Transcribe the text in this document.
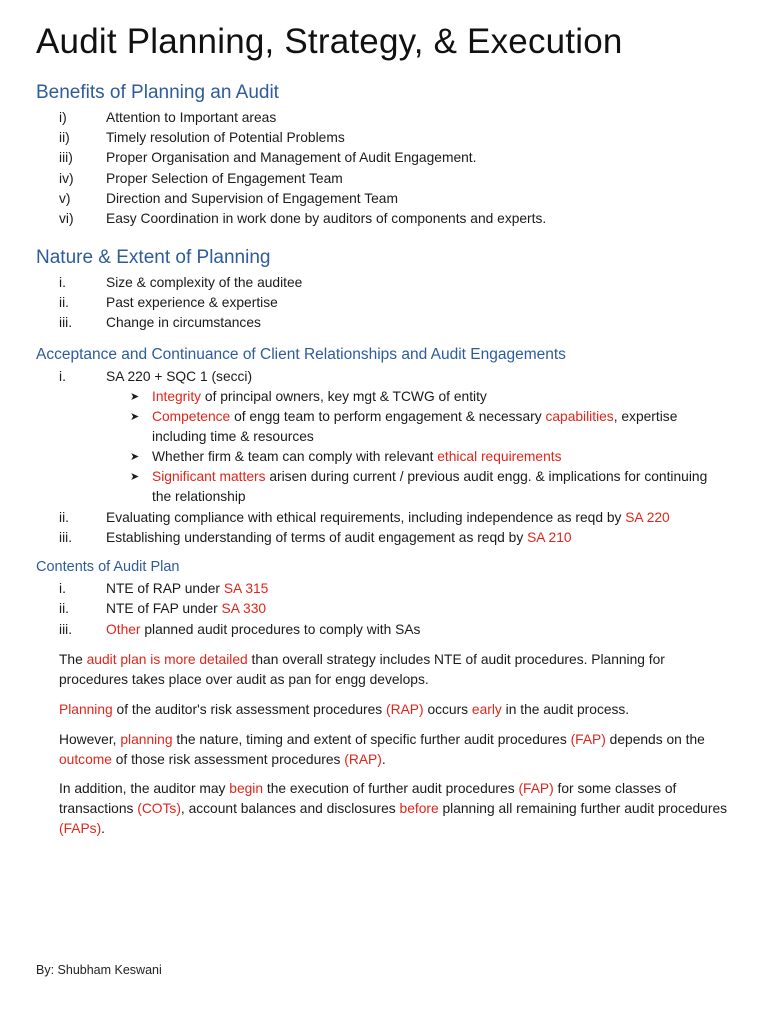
Audit Planning, Strategy, & Execution
Benefits of Planning an Audit
i)	Attention to Important areas
ii)	Timely resolution of Potential Problems
iii) Proper Organisation and Management of Audit Engagement.
iv) Proper Selection of Engagement Team
v)	Direction and Supervision of Engagement Team
vi) Easy Coordination in work done by auditors of components and experts.
Nature & Extent of Planning
i.	Size & complexity of the auditee
ii.	Past experience & expertise
iii. Change in circumstances
Acceptance and Continuance of Client Relationships and Audit Engagements
i.	SA 220 + SQC 1 (secci)
➤ Integrity of principal owners, key mgt & TCWG of entity
➤ Competence of engg team to perform engagement & necessary capabilities, expertise including time & resources
➤ Whether firm & team can comply with relevant ethical requirements
➤ Significant matters arisen during current / previous audit engg. & implications for continuing the relationship
ii.	Evaluating compliance with ethical requirements, including independence as reqd by SA 220
iii. Establishing understanding of terms of audit engagement as reqd by SA 210
Contents of Audit Plan
i.	NTE of RAP under SA 315
ii.	NTE of FAP under SA 330
iii. Other planned audit procedures to comply with SAs

The audit plan is more detailed than overall strategy includes NTE of audit procedures. Planning for procedures takes place over audit as pan for engg develops.

Planning of the auditor's risk assessment procedures (RAP) occurs early in the audit process.

However, planning the nature, timing and extent of specific further audit procedures (FAP) depends on the outcome of those risk assessment procedures (RAP).

In addition, the auditor may begin the execution of further audit procedures (FAP) for some classes of transactions (COTs), account balances and disclosures before planning all remaining further audit procedures (FAPs).

By: Shubham Keswani
